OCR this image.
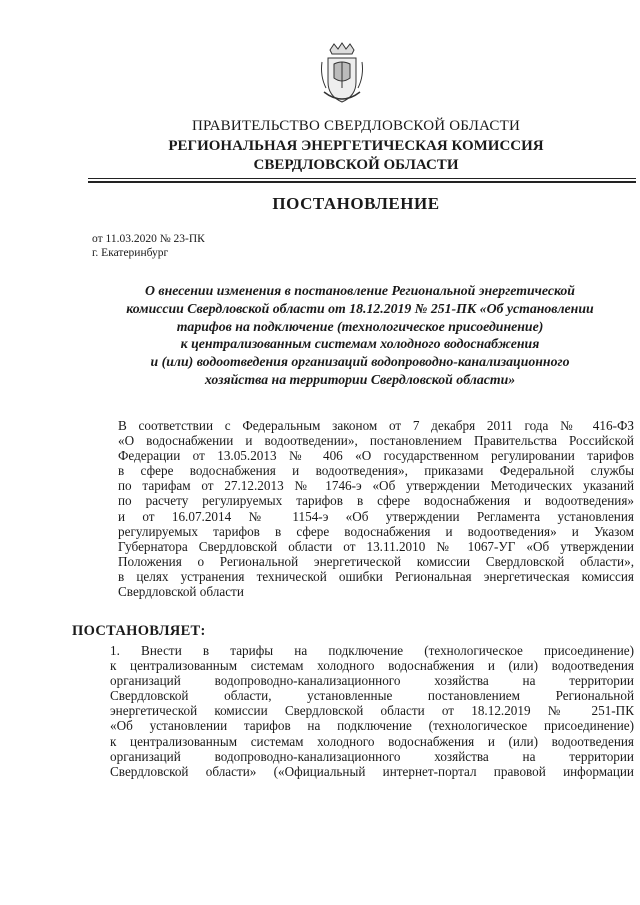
ПРАВИТЕЛЬСТВО СВЕРДЛОВСКОЙ ОБЛАСТИ
РЕГИОНАЛЬНАЯ ЭНЕРГЕТИЧЕСКАЯ КОМИССИЯ
СВЕРДЛОВСКОЙ ОБЛАСТИ
ПОСТАНОВЛЕНИЕ
от 11.03.2020 № 23-ПК
г. Екатеринбург
О внесении изменения в постановление Региональной энергетической
комиссии Свердловской области от 18.12.2019 № 251-ПК «Об установлении
тарифов на подключение (технологическое присоединение)
к централизованным системам холодного водоснабжения
и (или) водоотведения организаций водопроводно-канализационного
хозяйства на территории Свердловской области»
В соответствии с Федеральным законом от 7 декабря 2011 года № 416-ФЗ
«О водоснабжении и водоотведении», постановлением Правительства Российской
Федерации от 13.05.2013 № 406 «О государственном регулировании тарифов
в сфере водоснабжения и водоотведения», приказами Федеральной службы
по тарифам от 27.12.2013 № 1746-э «Об утверждении Методических указаний
по расчету регулируемых тарифов в сфере водоснабжения и водоотведения»
и от 16.07.2014 № 1154-э «Об утверждении Регламента установления
регулируемых тарифов в сфере водоснабжения и водоотведения» и Указом
Губернатора Свердловской области от 13.11.2010 № 1067-УГ «Об утверждении
Положения о Региональной энергетической комиссии Свердловской области»,
в целях устранения технической ошибки Региональная энергетическая комиссия
Свердловской области
ПОСТАНОВЛЯЕТ:
1. Внести в тарифы на подключение (технологическое присоединение)
к централизованным системам холодного водоснабжения и (или) водоотведения
организаций водопроводно-канализационного хозяйства на территории
Свердловской области, установленные постановлением Региональной
энергетической комиссии Свердловской области от 18.12.2019 № 251-ПК
«Об установлении тарифов на подключение (технологическое присоединение)
к централизованным системам холодного водоснабжения и (или) водоотведения
организаций водопроводно-канализационного хозяйства на территории
Свердловской области» («Официальный интернет-портал правовой информации
